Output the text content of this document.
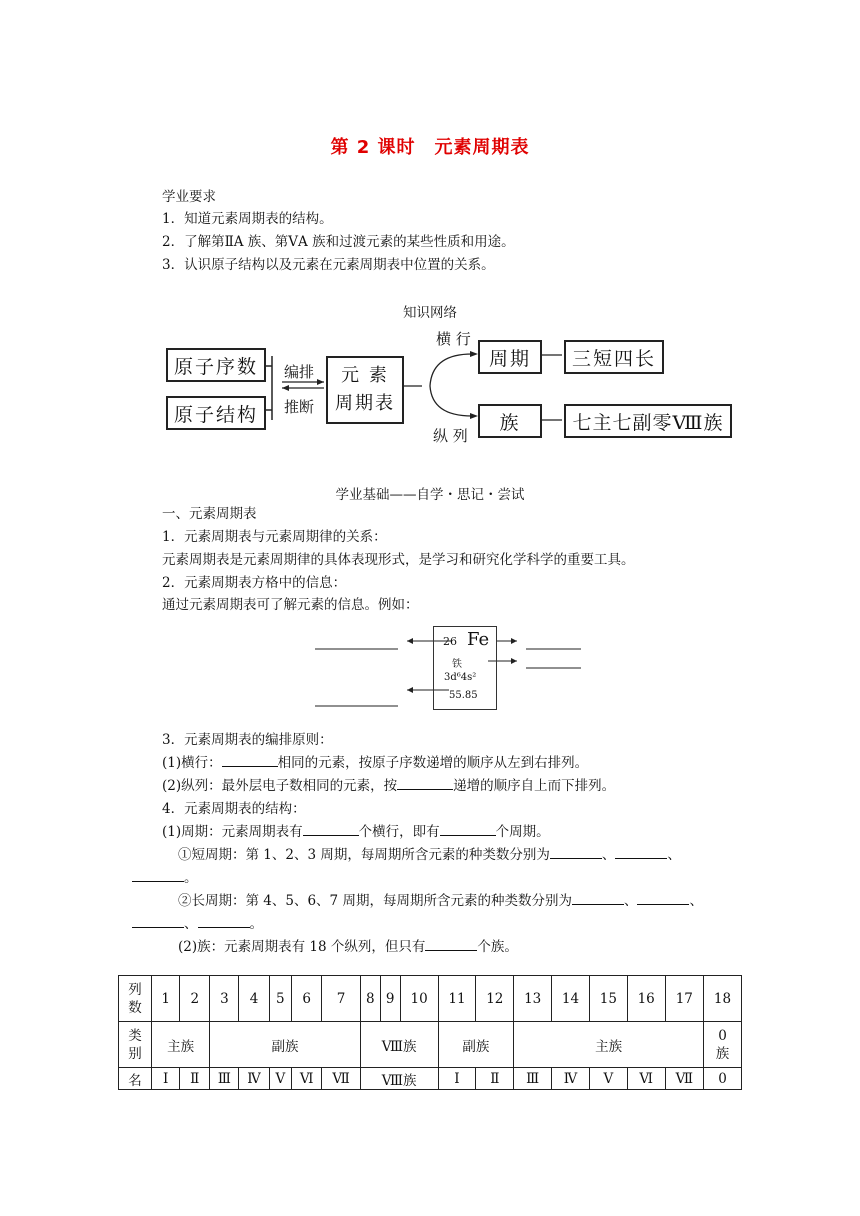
第 2 课时　元素周期表
学业要求
1．知道元素周期表的结构。
2．了解第ⅡA 族、第ⅤA 族和过渡元素的某些性质和用途。
3．认识原子结构以及元素在元素周期表中位置的关系。
知识网络
原子序数
原子结构
编排
推断
元 素
周期表
横 行
纵 列
周期	三短四长
族	七主七副零Ⅷ族
学业基础——自学・思记・尝试
一、元素周期表
1．元素周期表与元素周期律的关系：
元素周期表是元素周期律的具体表现形式，是学习和研究化学科学的重要工具。
2．元素周期表方格中的信息：
通过元素周期表可了解元素的信息。例如：
26 Fe
铁
3d⁶4s²
55.85
3．元素周期表的编排原则：
(1)横行：	相同的元素，按原子序数递增的顺序从左到右排列。
(2)纵列：最外层电子数相同的元素，按	递增的顺序自上而下排列。
4．元素周期表的结构：
(1)周期：元素周期表有	个横行，即有	个周期。
①短周期：第 1、2、3 周期，每周期所含元素的种类数分别为	、	、
。
②长周期：第 4、5、6、7 周期，每周期所含元素的种类数分别为	、	、
、	。
(2)族：元素周期表有 18 个纵列，但只有	个族。
列
数	1	2	3	4	5	6	7	8	9	10	11	12	13	14	15	16	17	18
类
别	主族		副族					Ⅷ族			副族		主族					0
族
名	Ⅰ	Ⅱ	Ⅲ	Ⅳ	Ⅴ	Ⅵ	Ⅶ	Ⅷ族			Ⅰ	Ⅱ	Ⅲ	Ⅳ	Ⅴ	Ⅵ	Ⅶ	0
